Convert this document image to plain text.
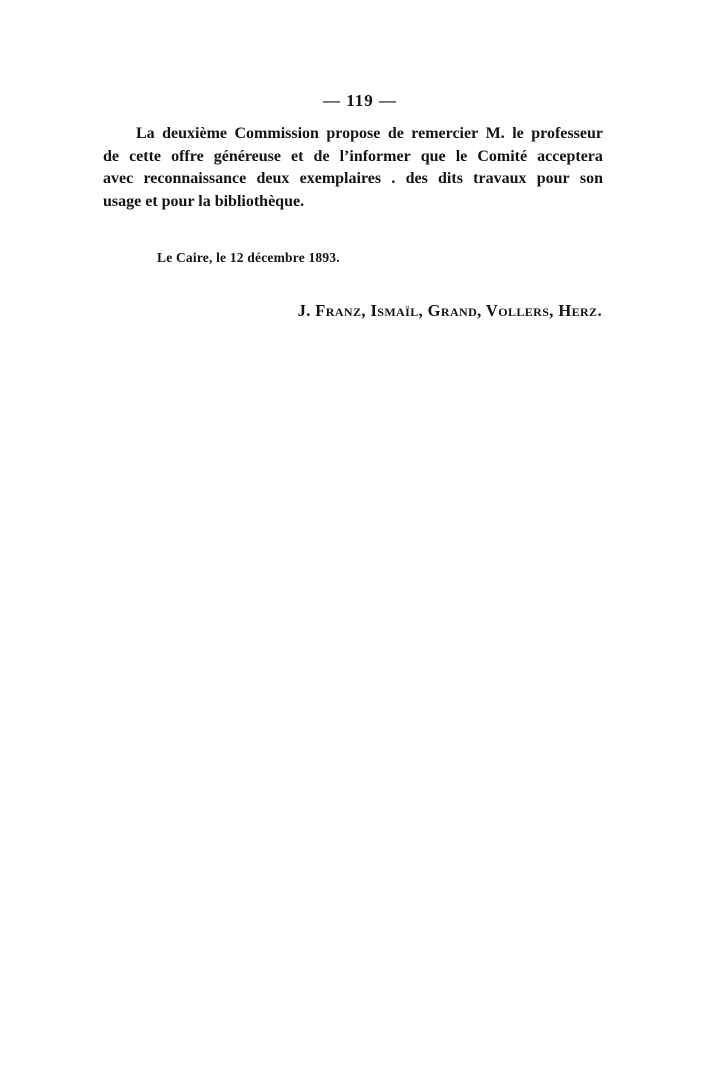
— 119 —
La deuxième Commission propose de remercier M. le professeur
de cette offre généreuse et de l’informer que le Comité acceptera
avec reconnaissance deux exemplaires . des dits travaux pour son
usage et pour la bibliothèque.
Le Caire, le 12 décembre 1893.
J. Franz, Ismaïl, Grand, Vollers, Herz.
